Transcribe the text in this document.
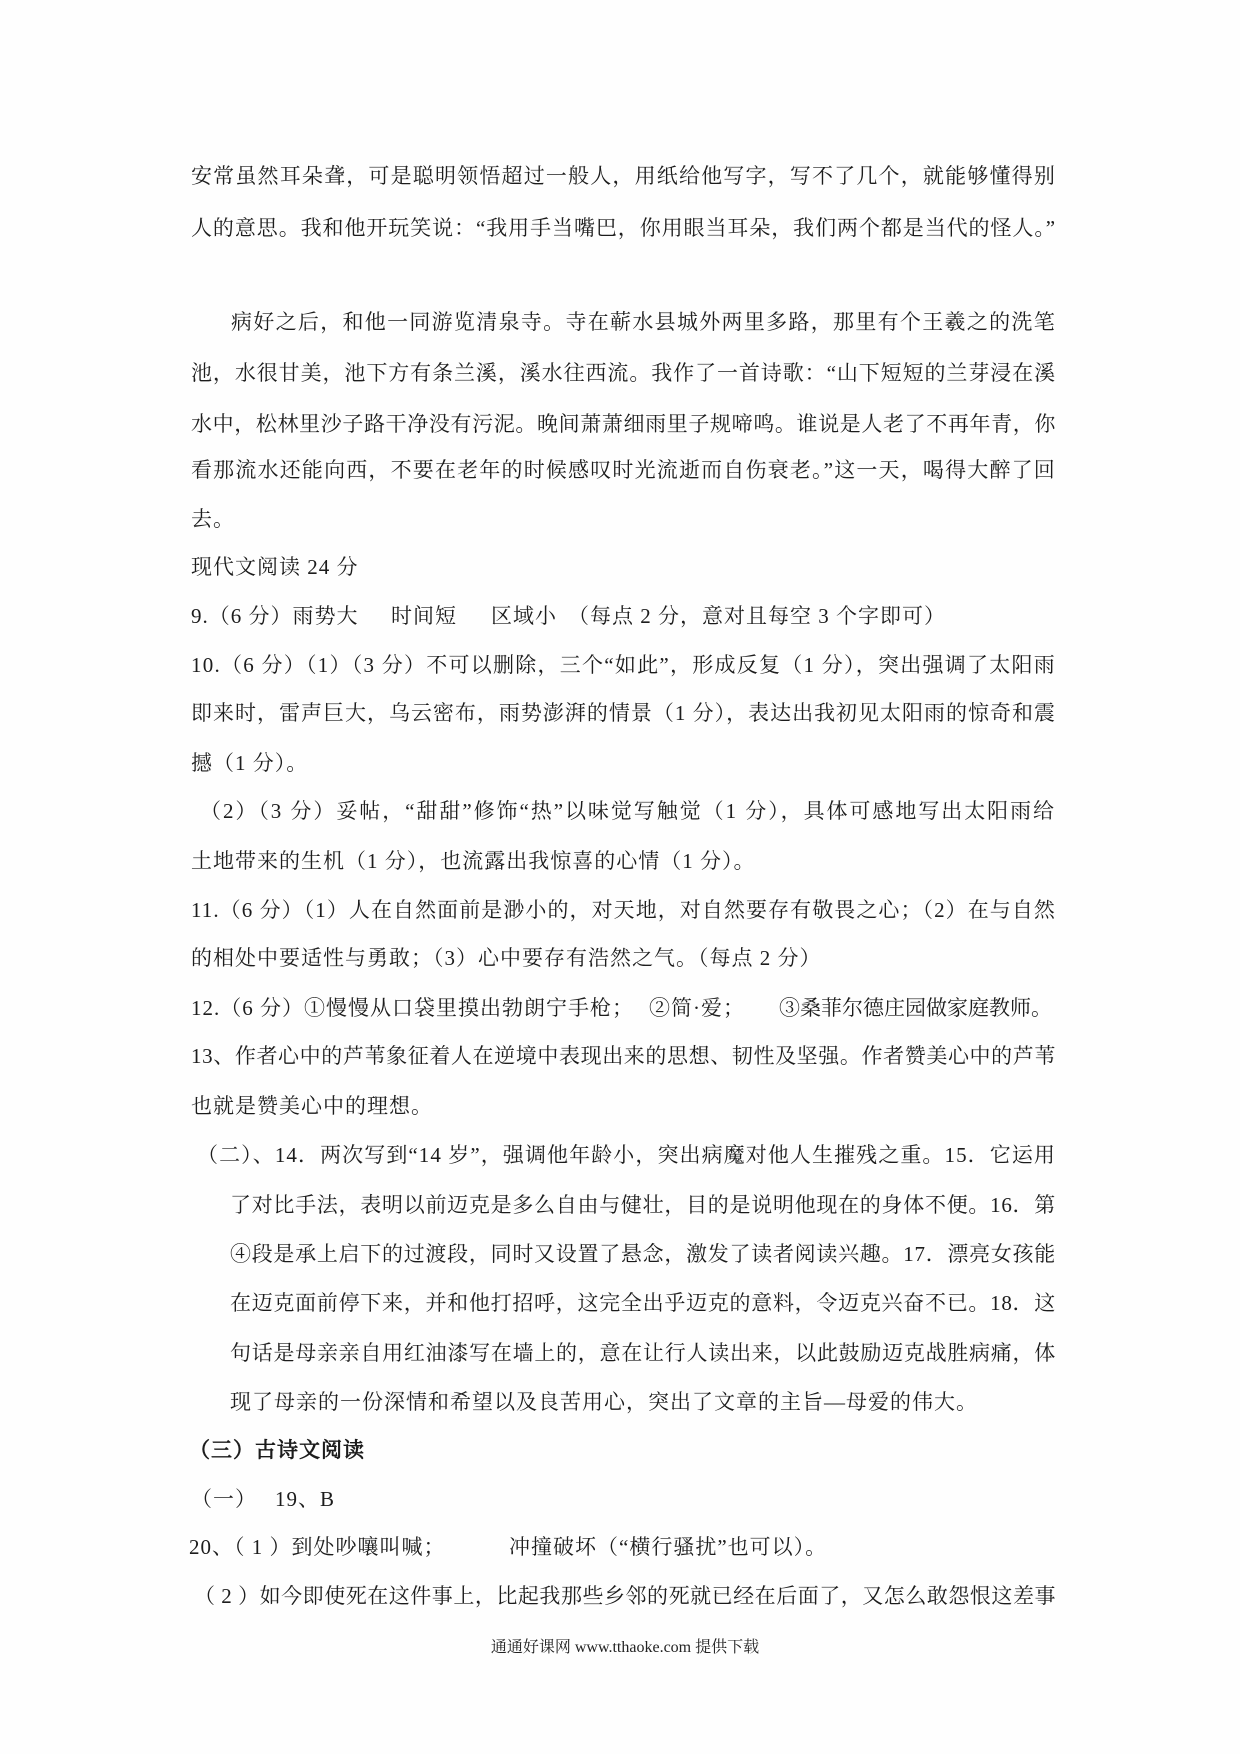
安常虽然耳朵聋，可是聪明领悟超过一般人，用纸给他写字，写不了几个，就能够懂得别
人的意思。我和他开玩笑说：“我用手当嘴巴，你用眼当耳朵，我们两个都是当代的怪人。”
病好之后，和他一同游览清泉寺。寺在蕲水县城外两里多路，那里有个王羲之的洗笔
池，水很甘美，池下方有条兰溪，溪水往西流。我作了一首诗歌：“山下短短的兰芽浸在溪
水中，松林里沙子路干净没有污泥。晚间萧萧细雨里子规啼鸣。谁说是人老了不再年青，你
看那流水还能向西，不要在老年的时候感叹时光流逝而自伤衰老。”这一天，喝得大醉了回
去。
现代文阅读 24 分
9.（6 分）雨势大 时间短 区域小 （每点 2 分，意对且每空 3 个字即可）
10.（6 分）（1）（3 分）不可以删除，三个“如此”，形成反复（1 分），突出强调了太阳雨
即来时，雷声巨大，乌云密布，雨势澎湃的情景（1 分），表达出我初见太阳雨的惊奇和震
撼（1 分）。
（2）（3 分）妥帖，“甜甜”修饰“热”以味觉写触觉（1 分），具体可感地写出太阳雨给
土地带来的生机（1 分），也流露出我惊喜的心情（1 分）。
11.（6 分）（1）人在自然面前是渺小的，对天地，对自然要存有敬畏之心；（2）在与自然
的相处中要适性与勇敢；（3）心中要存有浩然之气。（每点 2 分）
12.（6 分）①慢慢从口袋里摸出勃朗宁手枪； ②简·爱； ③桑菲尔德庄园做家庭教师。
13、作者心中的芦苇象征着人在逆境中表现出来的思想、韧性及坚强。作者赞美心中的芦苇
也就是赞美心中的理想。
（二）、14．两次写到“14 岁”，强调他年龄小，突出病魔对他人生摧残之重。15．它运用
了对比手法，表明以前迈克是多么自由与健壮，目的是说明他现在的身体不便。16．第
④段是承上启下的过渡段，同时又设置了悬念，激发了读者阅读兴趣。17．漂亮女孩能
在迈克面前停下来，并和他打招呼，这完全出乎迈克的意料，令迈克兴奋不已。18．这
句话是母亲亲自用红油漆写在墙上的，意在让行人读出来，以此鼓励迈克战胜病痛，体
现了母亲的一份深情和希望以及良苦用心，突出了文章的主旨—母爱的伟大。
（三）古诗文阅读
（一） 19、B
20、（ 1 ）到处吵嚷叫喊；	冲撞破坏（“横行骚扰”也可以）。
（ 2 ）如今即使死在这件事上，比起我那些乡邻的死就已经在后面了，又怎么敢怨恨这差事
通通好课网 www.tthaoke.com 提供下载
